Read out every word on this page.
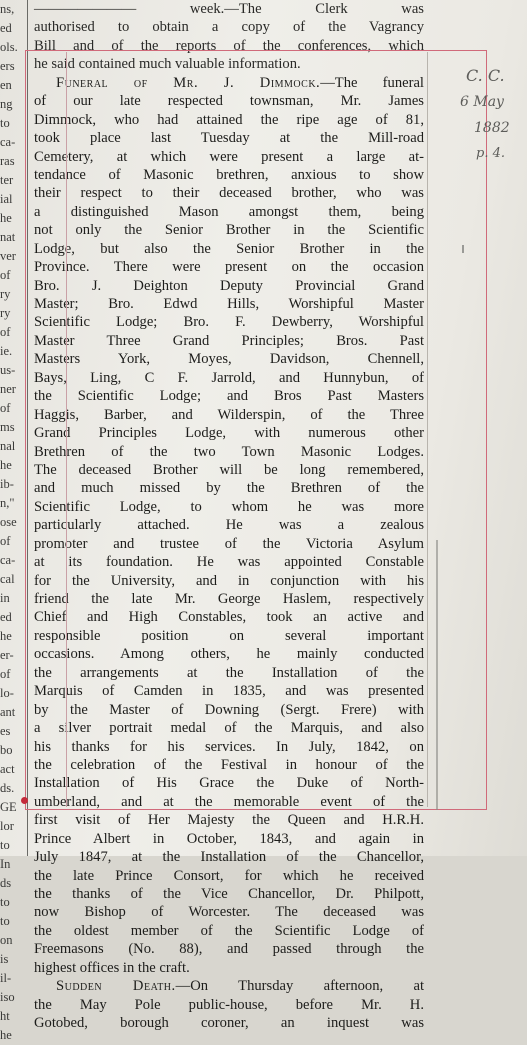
ns,
ed
ols.
ers
en
ng
to
ca-
ras
ter
ial
he
nat
ver
of
ry
ry
of
ie.
us-
ner
of
ms
nal
he
ib-
n,"
ose
of
ca-
cal
in
ed
he
er-
of
lo-
ant
es
bo
act
ds.
GE
lor
to
In
ds
to
to
on
is
il-
iso
ht
he
——————— week.—The Clerk was
authorised to obtain a copy of the Vagrancy
Bill and of the reports of the conferences, which
he said contained much valuable information.
Funeral of Mr. J. Dimmock.—The funeral
of our late respected townsman, Mr. James
Dimmock, who had attained the ripe age of 81,
took place last Tuesday at the Mill-road
Cemetery, at which were present a large at-
tendance of Masonic brethren, anxious to show
their respect to their deceased brother, who was
a distinguished Mason amongst them, being
not only the Senior Brother in the Scientific
Lodge, but also the Senior Brother in the
Province. There were present on the occasion
Bro. J. Deighton Deputy Provincial Grand
Master; Bro. Edwd Hills, Worshipful Master
Scientific Lodge; Bro. F. Dewberry, Worshipful
Master Three Grand Principles; Bros. Past
Masters York, Moyes, Davidson, Chennell,
Bays, Ling, C F. Jarrold, and Hunnybun, of
the Scientific Lodge; and Bros Past Masters
Haggis, Barber, and Wilderspin, of the Three
Grand Principles Lodge, with numerous other
Brethren of the two Town Masonic Lodges.
The deceased Brother will be long remembered,
and much missed by the Brethren of the
Scientific Lodge, to whom he was more
particularly attached. He was a zealous
promoter and trustee of the Victoria Asylum
at its foundation. He was appointed Constable
for the University, and in conjunction with his
friend the late Mr. George Haslem, respectively
Chief and High Constables, took an active and
responsible position on several important
occasions. Among others, he mainly conducted
the arrangements at the Installation of the
Marquis of Camden in 1835, and was presented
by the Master of Downing (Sergt. Frere) with
a silver portrait medal of the Marquis, and also
his thanks for his services. In July, 1842, on
the celebration of the Festival in honour of the
Installation of His Grace the Duke of North-
umberland, and at the memorable event of the
first visit of Her Majesty the Queen and H.R.H.
Prince Albert in October, 1843, and again in
July 1847, at the Installation of the Chancellor,
the late Prince Consort, for which he received
the thanks of the Vice Chancellor, Dr. Philpott,
now Bishop of Worcester. The deceased was
the oldest member of the Scientific Lodge of
Freemasons (No. 88), and passed through the
highest offices in the craft.
Sudden Death.—On Thursday afternoon, at
the May Pole public-house, before Mr. H.
Gotobed, borough coroner, an inquest was
C. C.
6 May
1882
p. 4.
